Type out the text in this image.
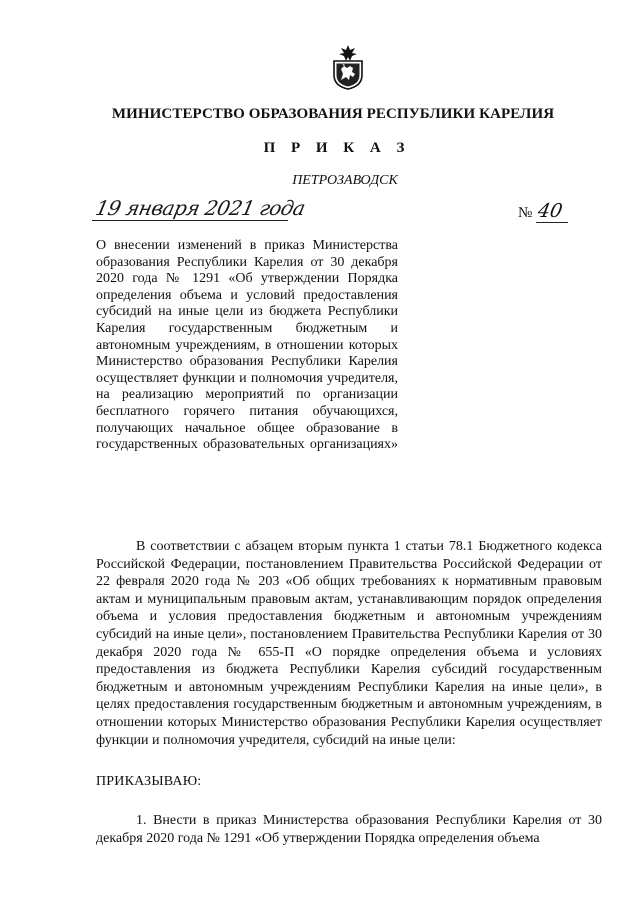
МИНИСТЕРСТВО ОБРАЗОВАНИЯ РЕСПУБЛИКИ КАРЕЛИЯ
П Р И К А З
ПЕТРОЗАВОДСК
19 января 2021 года	№ 40
О внесении изменений в приказ Министерства образования Республики Карелия от 30 декабря 2020 года № 1291 «Об утверждении Порядка определения объема и условий предоставления субсидий на иные цели из бюджета Республики Карелия государственным бюджетным и автономным учреждениям, в отношении которых Министерство образования Республики Карелия осуществляет функции и полномочия учредителя, на реализацию мероприятий по организации бесплатного горячего питания обучающихся, получающих начальное общее образование в государственных образовательных организациях»

В соответствии с абзацем вторым пункта 1 статьи 78.1 Бюджетного кодекса Российской Федерации, постановлением Правительства Российской Федерации от 22 февраля 2020 года № 203 «Об общих требованиях к нормативным правовым актам и муниципальным правовым актам, устанавливающим порядок определения объема и условия предоставления бюджетным и автономным учреждениям субсидий на иные цели», постановлением Правительства Республики Карелия от 30 декабря 2020 года № 655-П «О порядке определения объема и условиях предоставления из бюджета Республики Карелия субсидий государственным бюджетным и автономным учреждениям Республики Карелия на иные цели», в целях предоставления государственным бюджетным и автономным учреждениям, в отношении которых Министерство образования Республики Карелия осуществляет функции и полномочия учредителя, субсидий на иные цели:

ПРИКАЗЫВАЮ:

1. Внести в приказ Министерства образования Республики Карелия от 30 декабря 2020 года № 1291 «Об утверждении Порядка определения объема
